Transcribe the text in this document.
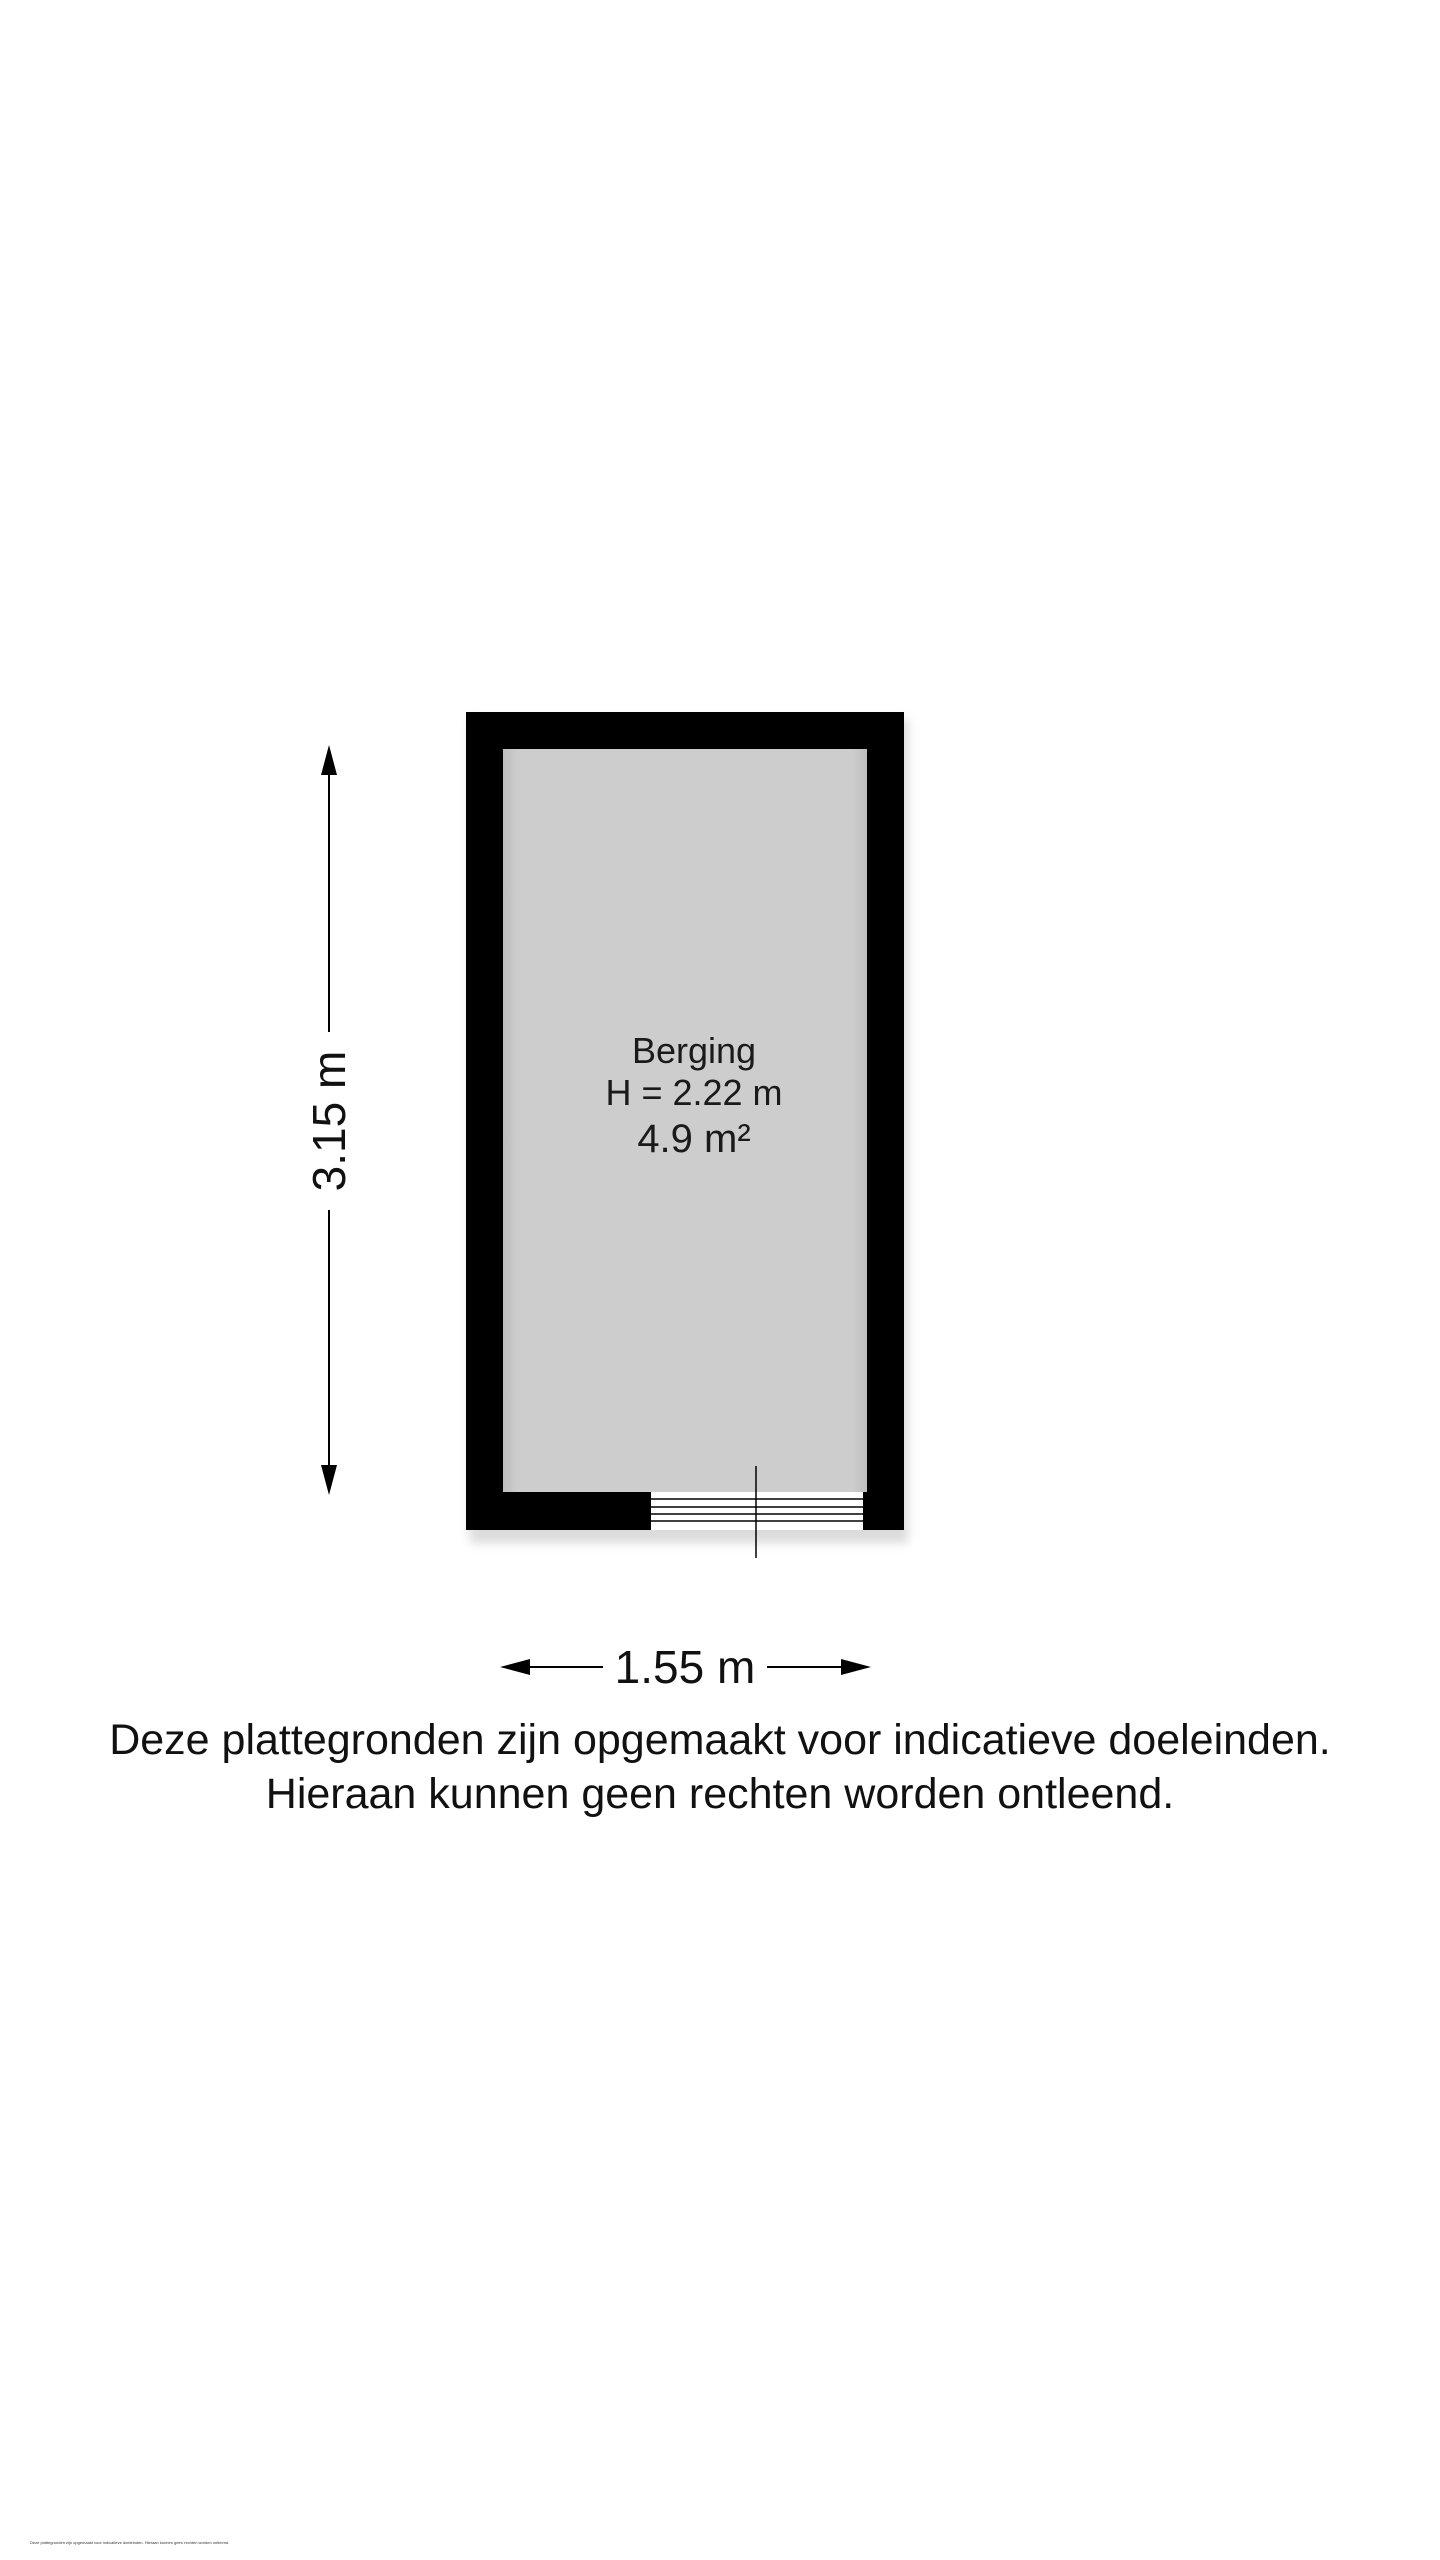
Berging
H = 2.22 m
4.9 m²
3.15 m
1.55 m
Deze plattegronden zijn opgemaakt voor indicatieve doeleinden.
Hieraan kunnen geen rechten worden ontleend.
Deze plattegronden zijn opgemaakt voor indicatieve doeleinden. Hieraan kunnen geen rechten worden ontleend.
